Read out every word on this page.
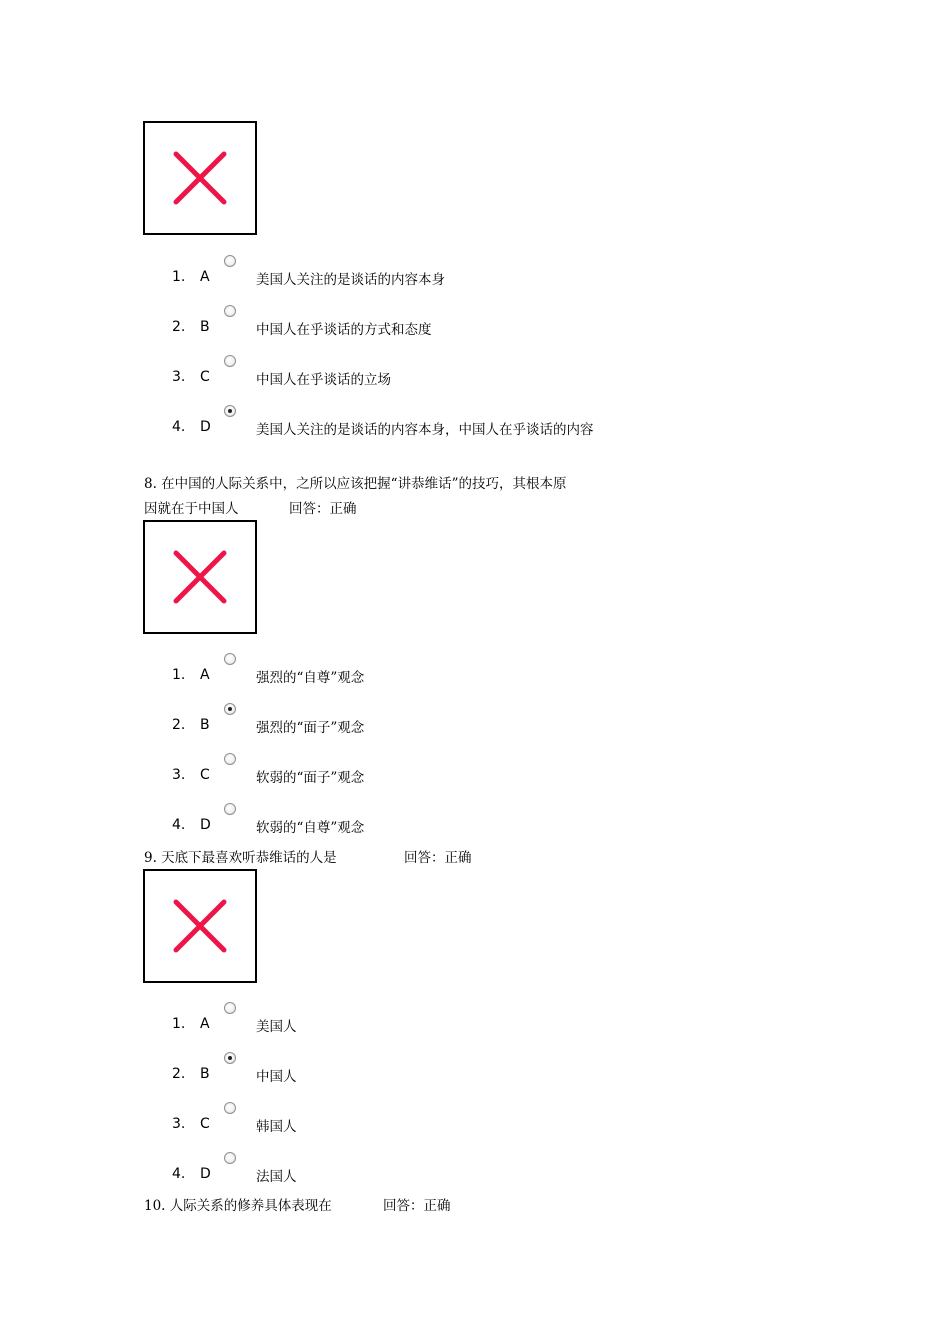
1. A	美国人关注的是谈话的内容本身
2. B	中国人在乎谈话的方式和态度
3. C	中国人在乎谈话的立场
4. D	美国人关注的是谈话的内容本身，中国人在乎谈话的内容
8. 在中国的人际关系中，之所以应该把握“讲恭维话”的技巧，其根本原
因就在于中国人	回答：正确
1. A	强烈的“自尊”观念
2. B	强烈的“面子”观念
3. C	软弱的“面子”观念
4. D	软弱的“自尊”观念
9. 天底下最喜欢听恭维话的人是	回答：正确
1. A	美国人
2. B	中国人
3. C	韩国人
4. D	法国人
10. 人际关系的修养具体表现在	回答：正确
